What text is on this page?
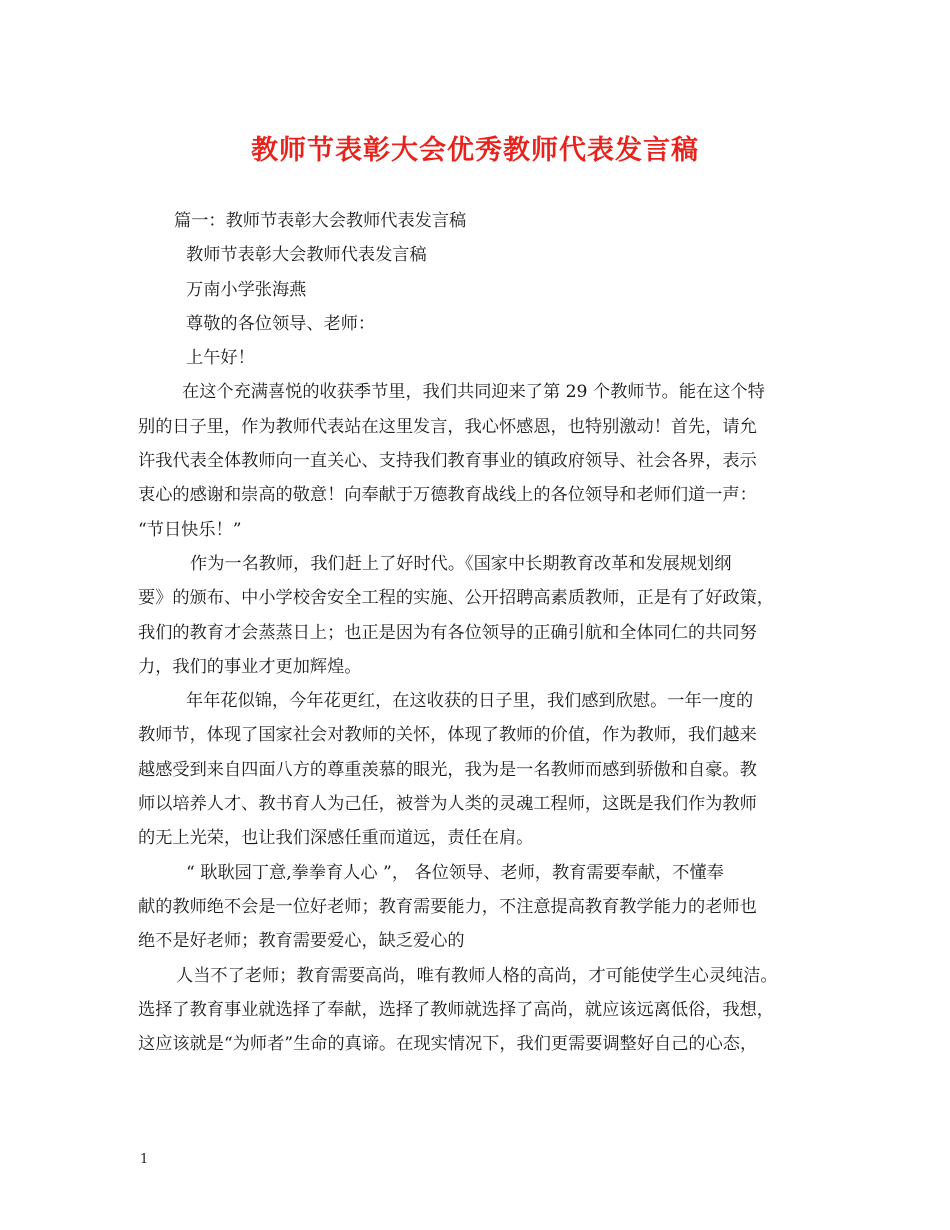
教师节表彰大会优秀教师代表发言稿
篇一：教师节表彰大会教师代表发言稿
教师节表彰大会教师代表发言稿
万南小学张海燕
尊敬的各位领导、老师：
上午好！
在这个充满喜悦的收获季节里，我们共同迎来了第 29 个教师节。能在这个特
别的日子里，作为教师代表站在这里发言，我心怀感恩，也特别激动！首先，请允
许我代表全体教师向一直关心、支持我们教育事业的镇政府领导、社会各界，表示
衷心的感谢和崇高的敬意！向奉献于万德教育战线上的各位领导和老师们道一声：
“节日快乐！”
作为一名教师，我们赶上了好时代。《国家中长期教育改革和发展规划纲
要》的颁布、中小学校舍安全工程的实施、公开招聘高素质教师，正是有了好政策，
我们的教育才会蒸蒸日上；也正是因为有各位领导的正确引航和全体同仁的共同努
力，我们的事业才更加辉煌。
年年花似锦，今年花更红，在这收获的日子里，我们感到欣慰。一年一度的
教师节，体现了国家社会对教师的关怀，体现了教师的价值，作为教师，我们越来
越感受到来自四面八方的尊重羡慕的眼光，我为是一名教师而感到骄傲和自豪。教
师以培养人才、教书育人为己任，被誉为人类的灵魂工程师，这既是我们作为教师
的无上光荣，也让我们深感任重而道远，责任在肩。
“ 耿耿园丁意,拳拳育人心 ”， 各位领导、老师，教育需要奉献，不懂奉
献的教师绝不会是一位好老师；教育需要能力，不注意提高教育教学能力的老师也
绝不是好老师；教育需要爱心，缺乏爱心的
人当不了老师；教育需要高尚，唯有教师人格的高尚，才可能使学生心灵纯洁。
选择了教育事业就选择了奉献，选择了教师就选择了高尚，就应该远离低俗，我想，
这应该就是“为师者”生命的真谛。在现实情况下，我们更需要调整好自己的心态，
1
